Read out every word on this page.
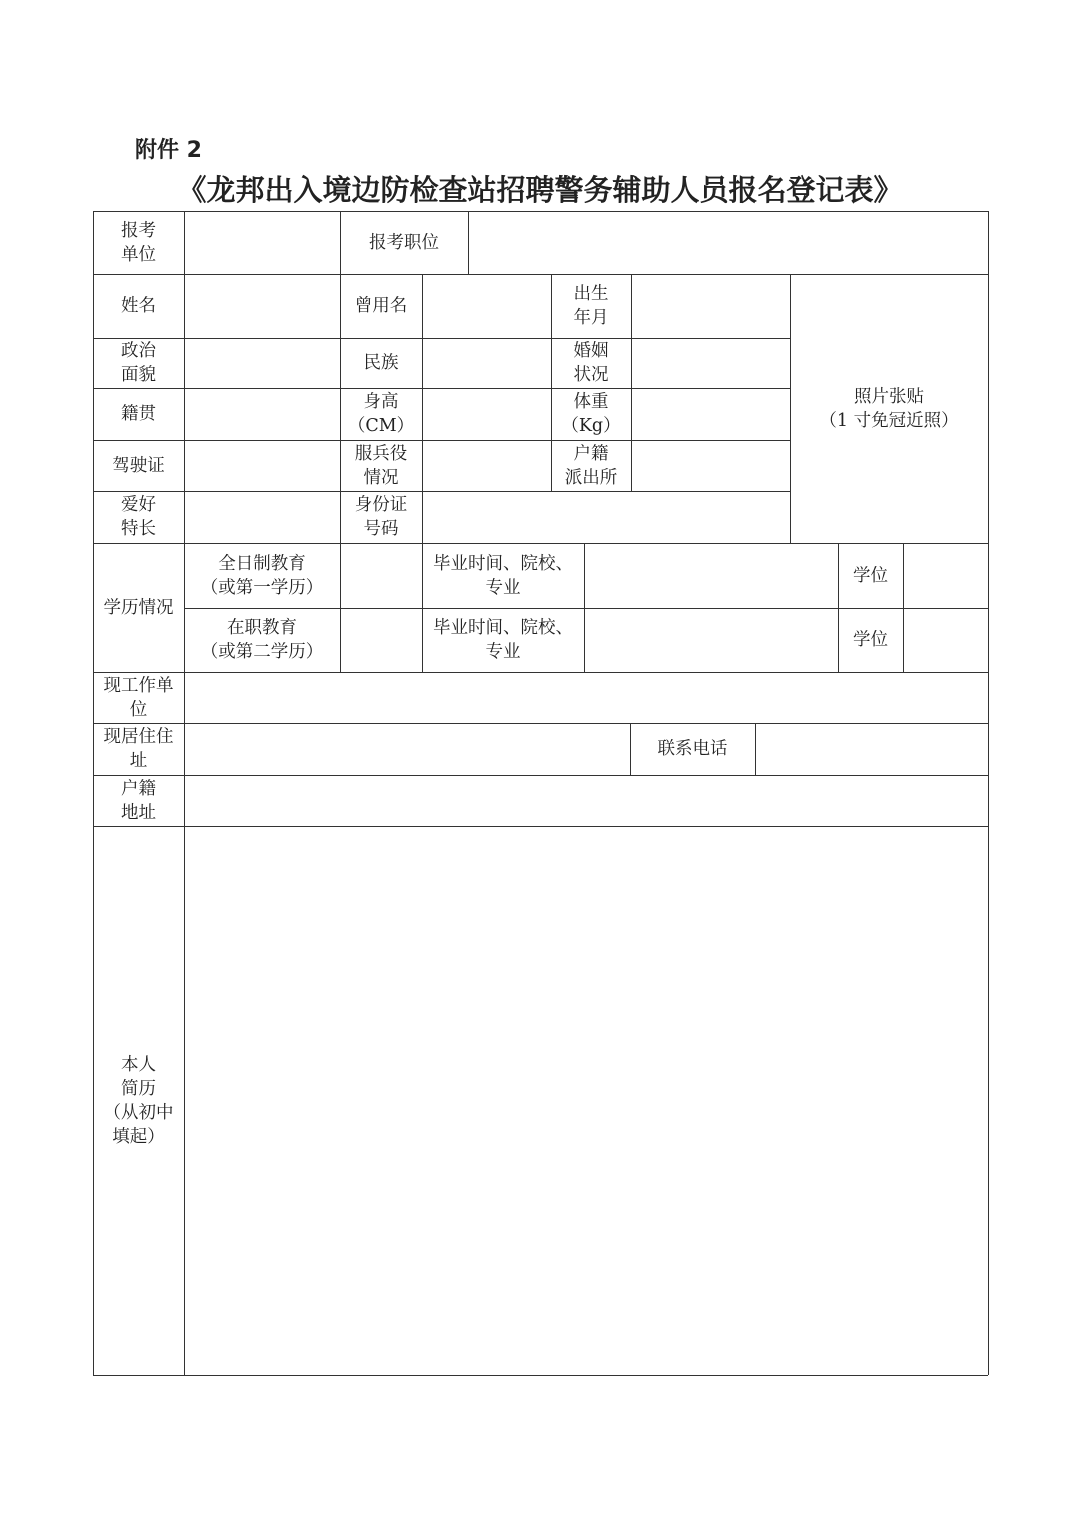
附件 2
《龙邦出入境边防检查站招聘警务辅助人员报名登记表》
报考
单位
报考职位
姓名	曾用名
出生
年月
政治
面貌
民族
婚姻
状况
籍贯
身高
（CM）
体重
（Kg）
驾驶证
服兵役
情况
户籍
派出所
爱好
特长
身份证
号码
照片张贴
（1 寸免冠近照）
学历情况
全日制教育
（或第一学历）
毕业时间、院校、
专业
学位
在职教育
（或第二学历）
毕业时间、院校、
专业
学位
现工作单
位
现居住住
址
联系电话
户籍
地址
本人
简历
（从初中
填起）
